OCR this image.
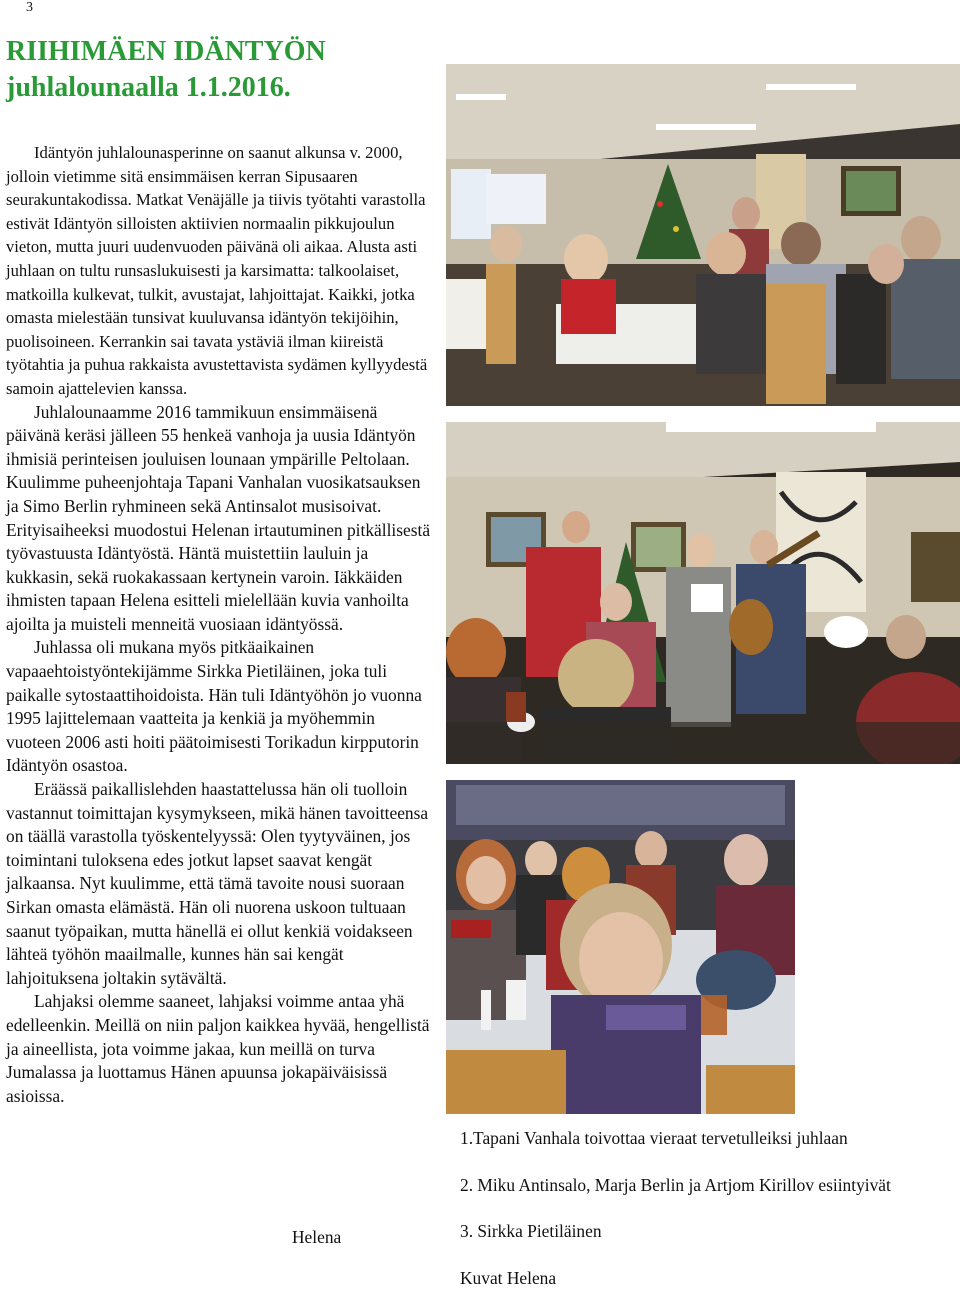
3
RIIHIMÄEN IDÄNTYÖN
juhlalounaalla 1.1.2016.

Idäntyön juhlalounasperinne on saanut alkunsa v. 2000, jolloin vietimme sitä ensimmäisen kerran Sipusaaren seurakuntakodissa. Matkat Venäjälle ja tiivis työtahti varastolla estivät Idäntyön silloisten aktiivien normaalin pikkujoulun vieton, mutta juuri uudenvuoden päivänä oli aikaa. Alusta asti juhlaan on tultu runsaslukuisesti ja karsimatta: talkoolaiset, matkoilla kulkevat, tulkit, avustajat, lahjoittajat. Kaikki, jotka omasta mielestään tunsivat kuuluvansa idäntyön tekijöihin, puolisoineen. Kerrankin sai tavata ystäviä ilman kiireistä työtahtia ja puhua rakkaista avustettavista sydämen kyllyydestä samoin ajattelevien kanssa.

Juhlalounaamme 2016 tammikuun ensimmäisenä päivänä keräsi jälleen 55 henkeä vanhoja ja uusia Idäntyön ihmisiä perinteisen jouluisen lounaan ympärille Peltolaan. Kuulimme puheenjohtaja Tapani Vanhalan vuosikatsauksen ja Simo Berlin ryhmineen sekä Antinsalot musisoivat. Erityisaiheeksi muodostui Helenan irtautuminen pitkällisestä työvastuusta Idäntyöstä. Häntä muistettiin lauluin ja kukkasin, sekä ruokakassaan kertynein varoin. Iäkkäiden ihmisten tapaan Helena esitteli mielellään kuvia vanhoilta ajoilta ja muisteli menneitä vuosiaan idäntyössä.

Juhlassa oli mukana myös pitkäaikainen vapaaehtoistyöntekijämme Sirkka Pietiläinen, joka tuli paikalle sytostaattihoidoista. Hän tuli Idäntyöhön jo vuonna 1995 lajittelemaan vaatteita ja kenkiä ja myöhemmin vuoteen 2006 asti hoiti päätoimisesti Torikadun kirpputorin Idäntyön osastoa.

Eräässä paikallislehden haastattelussa hän oli tuolloin vastannut toimittajan kysymykseen, mikä hänen tavoitteensa on täällä varastolla työskentelyyssä: Olen tyytyväinen, jos toimintani tuloksena edes jotkut lapset saavat kengät jalkaansa. Nyt kuulimme, että tämä tavoite nousi suoraan Sirkan omasta elämästä. Hän oli nuorena uskoon tultuaan saanut työpaikan, mutta hänellä ei ollut kenkiä voidakseen lähteä työhön maailmalle, kunnes hän sai kengät lahjoituksena joltakin sytävältä.

Lahjaksi olemme saaneet, lahjaksi voimme antaa yhä edelleenkin. Meillä on niin paljon kaikkea hyvää, hengellistä ja aineellista, jota voimme jakaa, kun meillä on turva Jumalassa ja luottamus Hänen apuunsa jokapäiväisissä asioissa.

Helena

1.Tapani Vanhala toivottaa vieraat tervetulleiksi juhlaan

2. Miku Antinsalo, Marja Berlin ja Artjom Kirillov esiintyivät

3. Sirkka Pietiläinen

Kuvat Helena
